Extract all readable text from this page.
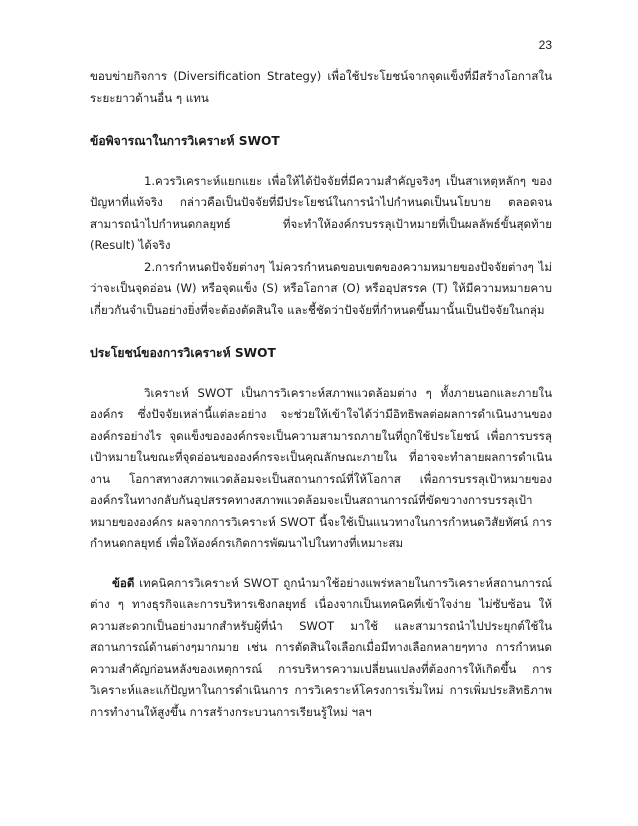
23

ขอบข่ายกิจการ (Diversification Strategy) เพื่อใช้ประโยชน์จากจุดแข็งที่มีสร้างโอกาสในระยะยาวด้านอื่น ๆ แทน

ข้อพิจารณาในการวิเคราะห์ SWOT

1.ควรวิเคราะห์แยกแยะ เพื่อให้ได้ปัจจัยที่มีความสำคัญจริงๆ เป็นสาเหตุหลักๆ ของปัญหาที่แท้จริง กล่าวคือเป็นปัจจัยที่มีประโยชน์ในการนำไปกำหนดเป็นนโยบาย ตลอดจนสามารถนำไปกำหนดกลยุทธ์ ที่จะทำให้องค์กรบรรลุเป้าหมายที่เป็นผลลัพธ์ขั้นสุดท้าย (Result) ได้จริง

2.การกำหนดปัจจัยต่างๆ ไม่ควรกำหนดขอบเขตของความหมายของปัจจัยต่างๆ ไม่ว่าจะเป็นจุดอ่อน (W) หรือจุดแข็ง (S) หรือโอกาส (O) หรืออุปสรรค (T) ให้มีความหมายคาบเกี่ยวกันจำเป็นอย่างยิ่งที่จะต้องตัดสินใจ และชี้ชัดว่าปัจจัยที่กำหนดขึ้นมานั้นเป็นปัจจัยในกลุ่ม

ประโยชน์ของการวิเคราะห์ SWOT

วิเคราะห์ SWOT เป็นการวิเคราะห์สภาพแวดล้อมต่าง ๆ ทั้งภายนอกและภายในองค์กร ซึ่งปัจจัยเหล่านี้แต่ละอย่าง จะช่วยให้เข้าใจได้ว่ามีอิทธิพลต่อผลการดำเนินงานขององค์กรอย่างไร จุดแข็งขององค์กรจะเป็นความสามารถภายในที่ถูกใช้ประโยชน์ เพื่อการบรรลุเป้าหมายในขณะที่จุดอ่อนขององค์กรจะเป็นคุณลักษณะภายใน ที่อาจจะทำลายผลการดำเนินงาน โอกาสทางสภาพแวดล้อมจะเป็นสถานการณ์ที่ให้โอกาส เพื่อการบรรลุเป้าหมายขององค์กรในทางกลับกันอุปสรรคทางสภาพแวดล้อมจะเป็นสถานการณ์ที่ขัดขวางการบรรลุเป้าหมายขององค์กร ผลจากการวิเคราะห์ SWOT นี้จะใช้เป็นแนวทางในการกำหนดวิสัยทัศน์ การกำหนดกลยุทธ์ เพื่อให้องค์กรเกิดการพัฒนาไปในทางที่เหมาะสม

ข้อดี เทคนิคการวิเคราะห์ SWOT ถูกนำมาใช้อย่างแพร่หลายในการวิเคราะห์สถานการณ์ต่าง ๆ ทางธุรกิจและการบริหารเชิงกลยุทธ์ เนื่องจากเป็นเทคนิคที่เข้าใจง่าย ไม่ซับซ้อน ให้ความสะดวกเป็นอย่างมากสำหรับผู้ที่นำ SWOT มาใช้ และสามารถนำไปประยุกต์ใช้ในสถานการณ์ด้านต่างๆมากมาย เช่น การตัดสินใจเลือกเมื่อมีทางเลือกหลายๆทาง การกำหนดความสำคัญก่อนหลังของเหตุการณ์ การบริหารความเปลี่ยนแปลงที่ต้องการให้เกิดขึ้น การวิเคราะห์และแก้ปัญหาในการดำเนินการ การวิเคราะห์โครงการเริ่มใหม่ การเพิ่มประสิทธิภาพการทำงานให้สูงขึ้น การสร้างกระบวนการเรียนรู้ใหม่ ฯลฯ
